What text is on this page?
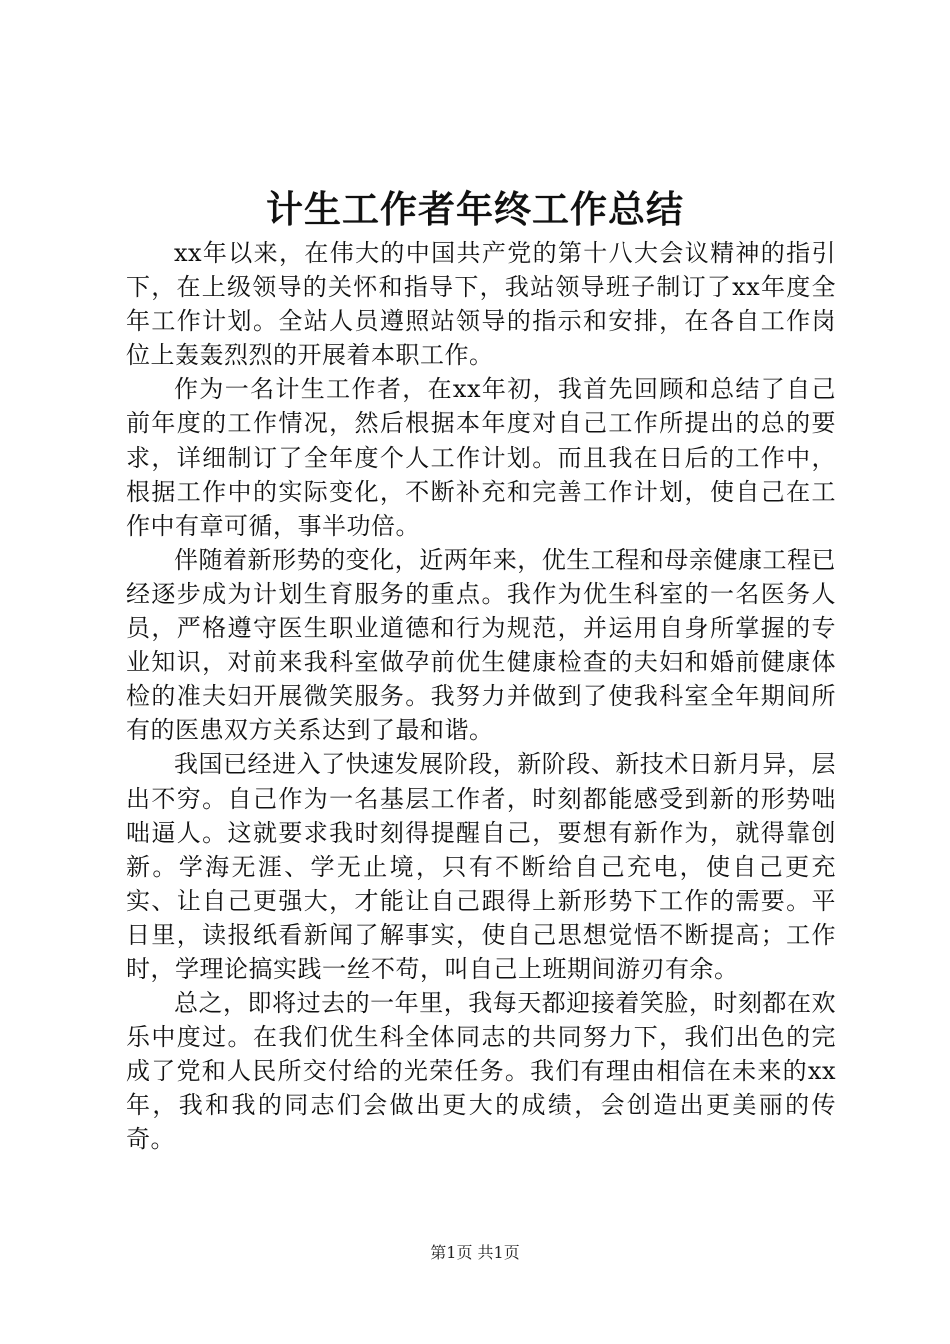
计生工作者年终工作总结

xx年以来，在伟大的中国共产党的第十八大会议精神的指引下，在上级领导的关怀和指导下，我站领导班子制订了xx年度全年工作计划。全站人员遵照站领导的指示和安排，在各自工作岗位上轰轰烈烈的开展着本职工作。

作为一名计生工作者，在xx年初，我首先回顾和总结了自己前年度的工作情况，然后根据本年度对自己工作所提出的总的要求，详细制订了全年度个人工作计划。而且我在日后的工作中，根据工作中的实际变化，不断补充和完善工作计划，使自己在工作中有章可循，事半功倍。

伴随着新形势的变化，近两年来，优生工程和母亲健康工程已经逐步成为计划生育服务的重点。我作为优生科室的一名医务人员，严格遵守医生职业道德和行为规范，并运用自身所掌握的专业知识，对前来我科室做孕前优生健康检查的夫妇和婚前健康体检的准夫妇开展微笑服务。我努力并做到了使我科室全年期间所有的医患双方关系达到了最和谐。

我国已经进入了快速发展阶段，新阶段、新技术日新月异，层出不穷。自己作为一名基层工作者，时刻都能感受到新的形势咄咄逼人。这就要求我时刻得提醒自己，要想有新作为，就得靠创新。学海无涯、学无止境，只有不断给自己充电，使自己更充实、让自己更强大，才能让自己跟得上新形势下工作的需要。平日里，读报纸看新闻了解事实，使自己思想觉悟不断提高；工作时，学理论搞实践一丝不苟，叫自己上班期间游刃有余。

总之，即将过去的一年里，我每天都迎接着笑脸，时刻都在欢乐中度过。在我们优生科全体同志的共同努力下，我们出色的完成了党和人民所交付给的光荣任务。我们有理由相信在未来的xx年，我和我的同志们会做出更大的成绩，会创造出更美丽的传奇。

第1页 共1页
